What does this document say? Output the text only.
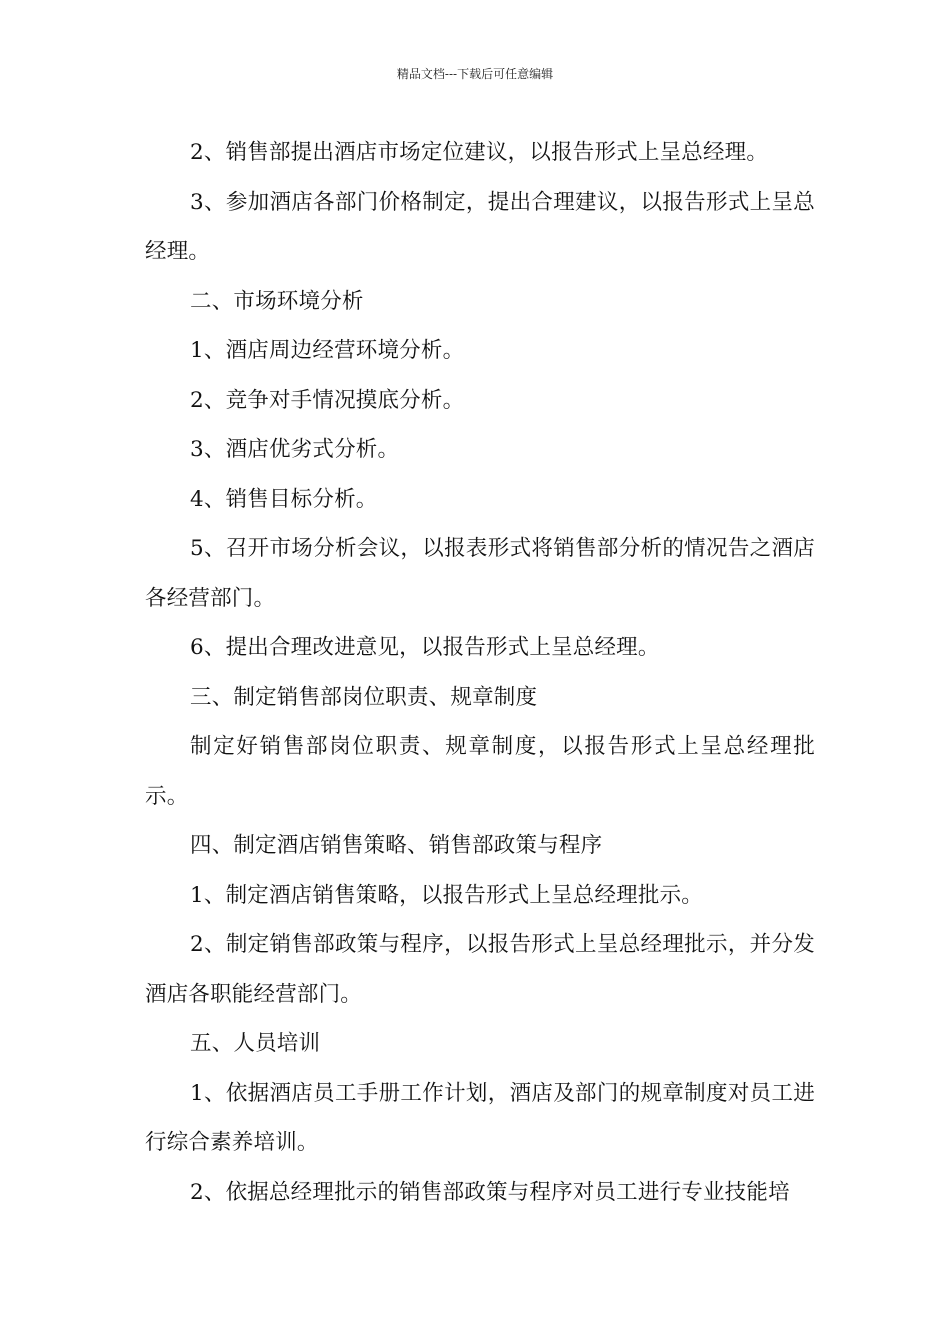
精品文档---下载后可任意编辑

2、销售部提出酒店市场定位建议，以报告形式上呈总经理。

3、参加酒店各部门价格制定，提出合理建议，以报告形式上呈总经理。

二、市场环境分析

1、酒店周边经营环境分析。

2、竞争对手情况摸底分析。

3、酒店优劣式分析。

4、销售目标分析。

5、召开市场分析会议，以报表形式将销售部分析的情况告之酒店各经营部门。

6、提出合理改进意见，以报告形式上呈总经理。

三、制定销售部岗位职责、规章制度

制定好销售部岗位职责、规章制度，以报告形式上呈总经理批示。

四、制定酒店销售策略、销售部政策与程序

1、制定酒店销售策略，以报告形式上呈总经理批示。

2、制定销售部政策与程序，以报告形式上呈总经理批示，并分发酒店各职能经营部门。

五、人员培训

1、依据酒店员工手册工作计划，酒店及部门的规章制度对员工进行综合素养培训。

2、依据总经理批示的销售部政策与程序对员工进行专业技能培
